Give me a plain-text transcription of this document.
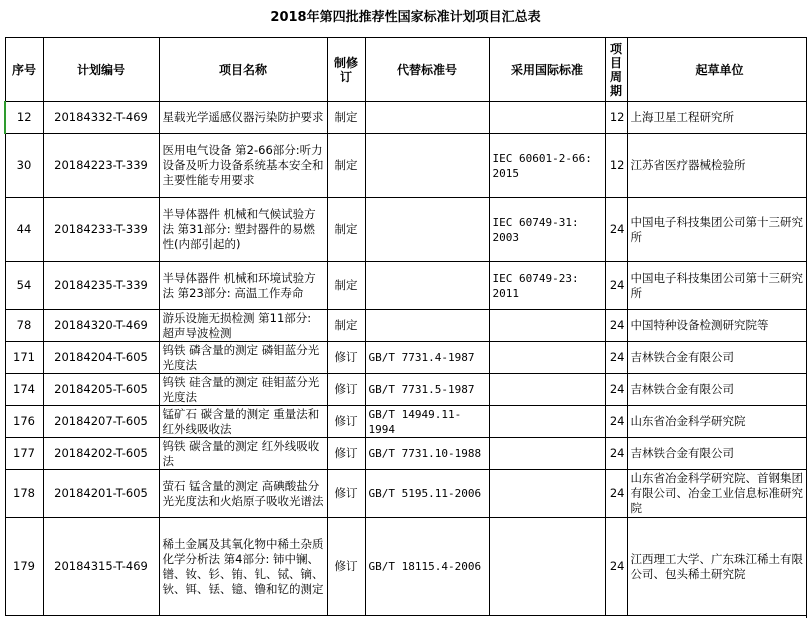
2018年第四批推荐性国家标准计划项目汇总表
序号	计划编号	项目名称	制修订	代替标准号	采用国际标准	项目周期	起草单位
12	20184332-T-469	星载光学遥感仪器污染防护要求	制定			12	上海卫星工程研究所
30	20184223-T-339	医用电气设备 第2-66部分:听力设备及听力设备系统基本安全和主要性能专用要求	制定		IEC 60601-2-66: 2015	12	江苏省医疗器械检验所
44	20184233-T-339	半导体器件 机械和气候试验方法 第31部分: 塑封器件的易燃性(内部引起的)	制定		IEC 60749-31: 2003	24	中国电子科技集团公司第十三研究所
54	20184235-T-339	半导体器件 机械和环境试验方法 第23部分: 高温工作寿命	制定		IEC 60749-23: 2011	24	中国电子科技集团公司第十三研究所
78	20184320-T-469	游乐设施无损检测 第11部分: 超声导波检测	制定			24	中国特种设备检测研究院等
171	20184204-T-605	钨铁 磷含量的测定 磷钼蓝分光光度法	修订	GB/T 7731.4-1987		24	吉林铁合金有限公司
174	20184205-T-605	钨铁 硅含量的测定 硅钼蓝分光光度法	修订	GB/T 7731.5-1987		24	吉林铁合金有限公司
176	20184207-T-605	锰矿石 碳含量的测定 重量法和红外线吸收法	修订	GB/T 14949.11-1994		24	山东省冶金科学研究院
177	20184202-T-605	钨铁 碳含量的测定 红外线吸收法	修订	GB/T 7731.10-1988		24	吉林铁合金有限公司
178	20184201-T-605	萤石 锰含量的测定 高碘酸盐分光光度法和火焰原子吸收光谱法	修订	GB/T 5195.11-2006		24	山东省冶金科学研究院、首钢集团有限公司、冶金工业信息标准研究院
179	20184315-T-469	稀土金属及其氧化物中稀土杂质化学分析法 第4部分: 铈中镧、镨、钕、钐、铕、钆、铽、镝、钬、铒、铥、镱、镥和钇的测定	修订	GB/T 18115.4-2006		24	江西理工大学、广东珠江稀土有限公司、包头稀土研究院
